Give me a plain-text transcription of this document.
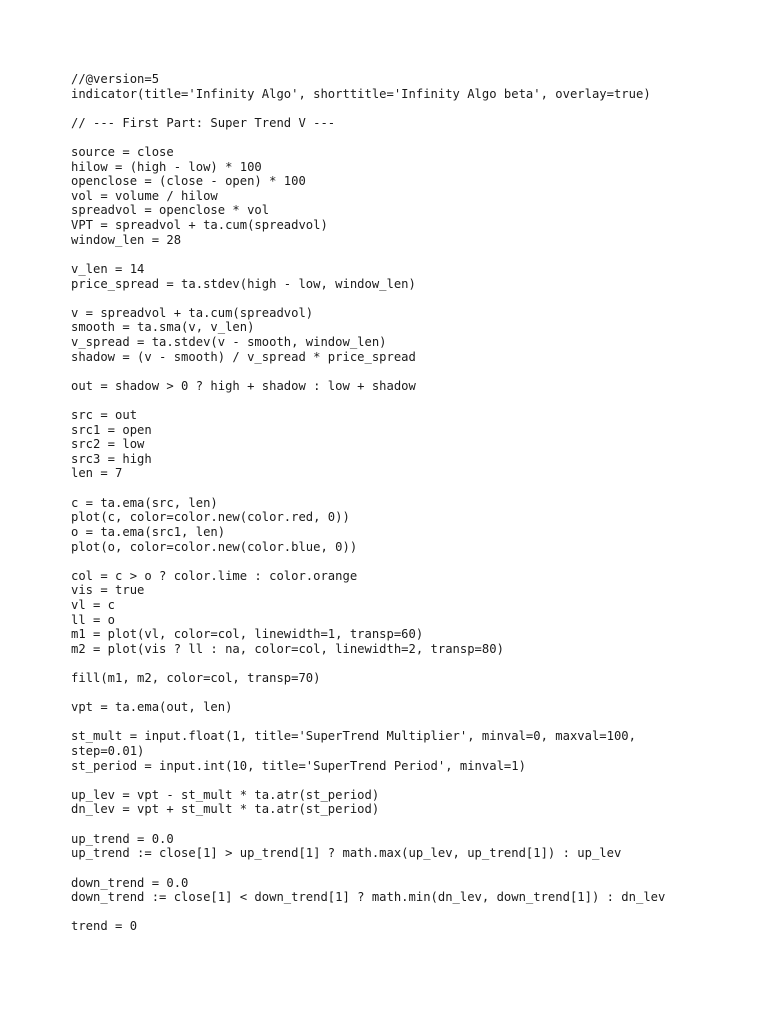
//@version=5
indicator(title='Infinity Algo', shorttitle='Infinity Algo beta', overlay=true)
// --- First Part: Super Trend V ---
source = close
hilow = (high - low) * 100
openclose = (close - open) * 100
vol = volume / hilow
spreadvol = openclose * vol
VPT = spreadvol + ta.cum(spreadvol)
window_len = 28
v_len = 14
price_spread = ta.stdev(high - low, window_len)
v = spreadvol + ta.cum(spreadvol)
smooth = ta.sma(v, v_len)
v_spread = ta.stdev(v - smooth, window_len)
shadow = (v - smooth) / v_spread * price_spread
out = shadow > 0 ? high + shadow : low + shadow
src = out
src1 = open
src2 = low
src3 = high
len = 7
c = ta.ema(src, len)
plot(c, color=color.new(color.red, 0))
o = ta.ema(src1, len)
plot(o, color=color.new(color.blue, 0))
col = c > o ? color.lime : color.orange
vis = true
vl = c
ll = o
m1 = plot(vl, color=col, linewidth=1, transp=60)
m2 = plot(vis ? ll : na, color=col, linewidth=2, transp=80)
fill(m1, m2, color=col, transp=70)
vpt = ta.ema(out, len)
st_mult = input.float(1, title='SuperTrend Multiplier', minval=0, maxval=100,
step=0.01)
st_period = input.int(10, title='SuperTrend Period', minval=1)
up_lev = vpt - st_mult * ta.atr(st_period)
dn_lev = vpt + st_mult * ta.atr(st_period)
up_trend = 0.0
up_trend := close[1] > up_trend[1] ? math.max(up_lev, up_trend[1]) : up_lev
down_trend = 0.0
down_trend := close[1] < down_trend[1] ? math.min(dn_lev, down_trend[1]) : dn_lev
trend = 0
